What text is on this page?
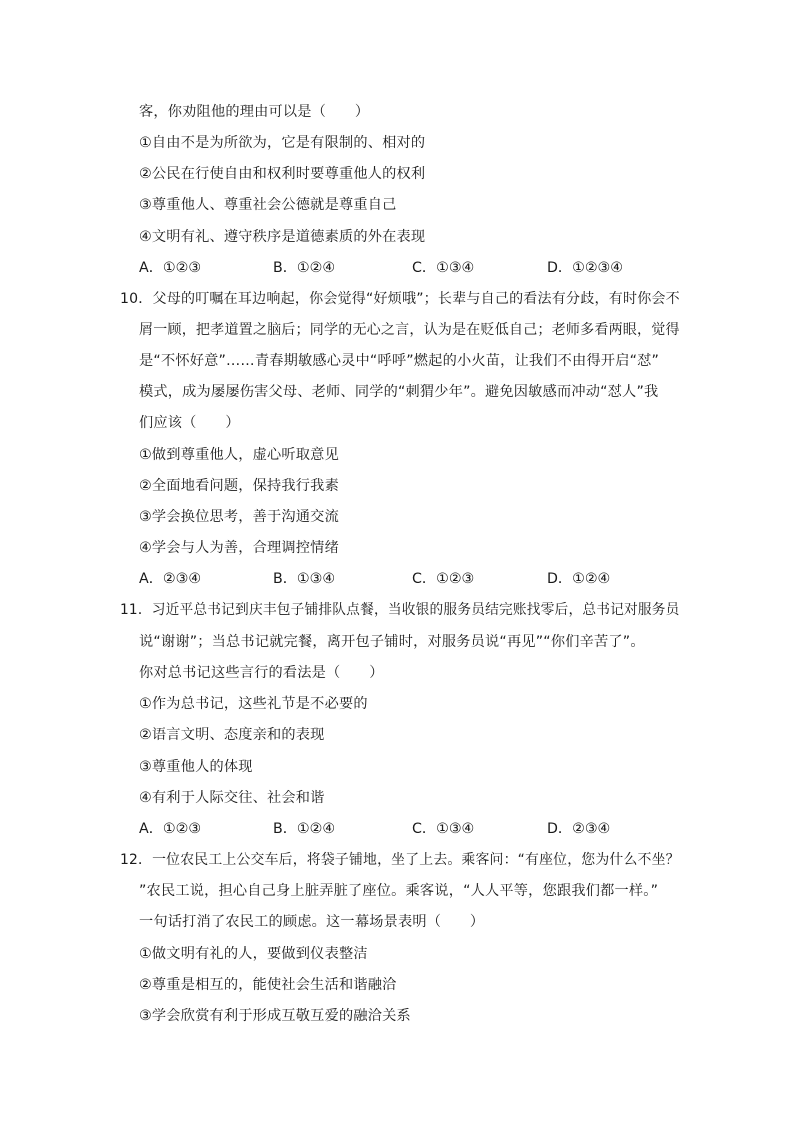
客，你劝阻他的理由可以是（　　）
①自由不是为所欲为，它是有限制的、相对的
②公民在行使自由和权利时要尊重他人的权利
③尊重他人、尊重社会公德就是尊重自己
④文明有礼、遵守秩序是道德素质的外在表现
A．①②③	B．①②④	C．①③④	D．①②③④
10．父母的叮嘱在耳边响起，你会觉得“好烦哦”；长辈与自己的看法有分歧，有时你会不
屑一顾，把孝道置之脑后；同学的无心之言，认为是在贬低自己；老师多看两眼，觉得
是“不怀好意”……青春期敏感心灵中“呼呼”燃起的小火苗，让我们不由得开启“怼”
模式，成为屡屡伤害父母、老师、同学的“刺猬少年”。避免因敏感而冲动“怼人”我
们应该（　　）
①做到尊重他人，虚心听取意见
②全面地看问题，保持我行我素
③学会换位思考，善于沟通交流
④学会与人为善，合理调控情绪
A．②③④	B．①③④	C．①②③	D．①②④
11．习近平总书记到庆丰包子铺排队点餐，当收银的服务员结完账找零后，总书记对服务员
说“谢谢”；当总书记就完餐，离开包子铺时，对服务员说“再见”“你们辛苦了”。
你对总书记这些言行的看法是（　　）
①作为总书记，这些礼节是不必要的
②语言文明、态度亲和的表现
③尊重他人的体现
④有利于人际交往、社会和谐
A．①②③	B．①②④	C．①③④	D．②③④
12．一位农民工上公交车后，将袋子铺地，坐了上去。乘客问：“有座位，您为什么不坐？
”农民工说，担心自己身上脏弄脏了座位。乘客说，“人人平等，您跟我们都一样。”
一句话打消了农民工的顾虑。这一幕场景表明（　　）
①做文明有礼的人，要做到仪表整洁
②尊重是相互的，能使社会生活和谐融洽
③学会欣赏有利于形成互敬互爱的融洽关系
